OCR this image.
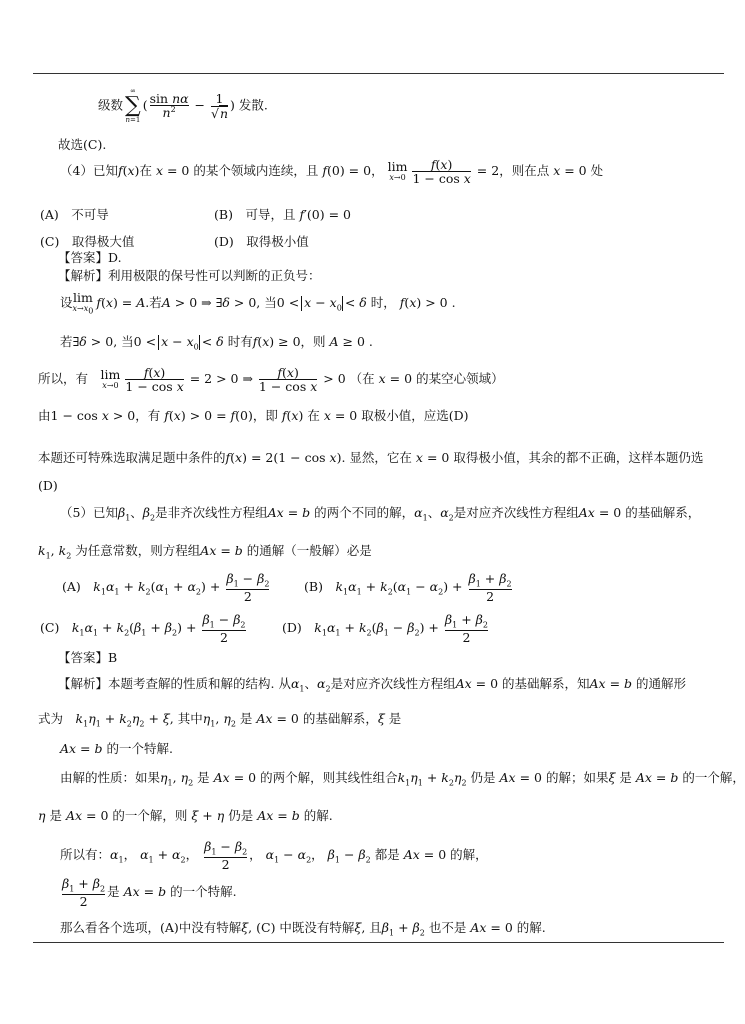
级数
∞
∑
n=1
( $\frac{\text{sin nα}}{n^2} - \frac{1}{√n}$ ) 发散.
故选(C).
（4）已知f(x)在 x = 0 的某个领域内连续，且 f(0) = 0， lim
$x\to 0 \frac{f(x)}{\text{1 − cos x}} = 2$，则在点 x = 0 处
(A)　不可导	(B)　可导，且 f′(0) = 0
(C)　取得极大值	(D)　取得极小值
【答案】D.
【解析】利用极限的保号性可以判断的正负号：
设 lim
$x\to x_0$
f(x) = A.若A > 0 ⇒ ∃δ > 0, 当$0 < x - x_0 < \delta$ 时， f(x) > 0 .
若∃δ > 0, 当$0 < x - x_0 < \delta$ 时有f(x) ≥ 0，则 A ≥ 0 .
所以，有　 lim
$x\to 0 \frac{f(x)}{\text{1 − cos x}} = 2 > 0$ ⇒ $\frac{f(x)}{\text{1 − cos x}} > 0$ （在 x = 0 的某空心领域）
由1 − cos x > 0，有 f(x) > 0 = f(0)，即 f(x) 在 x = 0 取极小值，应选(D)
本题还可特殊选取满足题中条件的f(x) = 2(1 − cos x). 显然，它在 x = 0 取得极小值，其余的都不正确，这样本题仍选
(D)
（5）已知$\beta_1$、$\beta_2$是非齐次线性方程组Ax = b 的两个不同的解，$\alpha_1$、$\alpha_2$是对应齐次线性方程组Ax = 0 的基础解系，
$k_1$, $k_2$ 为任意常数，则方程组Ax = b 的通解（一般解）必是
(A)　 $k_1\alpha_1 + k_2(\alpha_1 + \alpha_2) + \frac{\beta_1 - \beta_2}{2}$	(B)　 $k_1\alpha_1 + k_2(\alpha_1 - \alpha_2) + \frac{\beta_1 + \beta_2}{2}$
(C)　 $k_1\alpha_1 + k_2(\beta_1 + \beta_2) + \frac{\beta_1 - \beta_2}{2}$	(D)　 $k_1\alpha_1 + k_2(\beta_1 - \beta_2) + \frac{\beta_1 + \beta_2}{2}$
【答案】B
【解析】本题考查解的性质和解的结构. 从$\alpha_1$、$\alpha_2$是对应齐次线性方程组Ax = 0 的基础解系，知Ax = b 的通解形
式为　 $k_1\eta_1 + k_2\eta_2 + \xi$, 其中$\eta_1$, $\eta_2$ 是 Ax = 0 的基础解系，ξ 是
Ax = b 的一个特解.
由解的性质：如果$\eta_1$, $\eta_2$ 是 Ax = 0 的两个解，则其线性组合$k_1\eta_1 + k_2\eta_2$ 仍是 Ax = 0 的解；如果ξ 是 Ax = b 的一个解，
η 是 Ax = 0 的一个解，则 ξ + η 仍是 Ax = b 的解.
所以有：$\alpha_1$， $\alpha_1 + \alpha_2$， $\frac{\beta_1 - \beta_2}{2}$ ， $\alpha_1 - \alpha_2$， $\beta_1 - \beta_2$ 都是 Ax = 0 的解，
$\frac{\beta_1 + \beta_2}{2}$ 是 Ax = b 的一个特解.
那么看各个选项，(A)中没有特解ξ, (C) 中既没有特解ξ, 且$\beta_1 + \beta_2$ 也不是 Ax = 0 的解.
